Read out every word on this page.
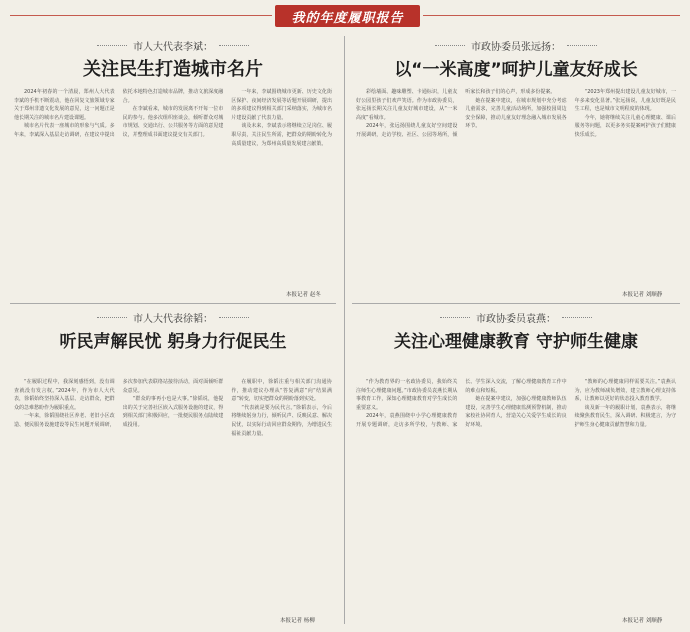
我的年度履职报告
市人大代表李斌：
关注民生打造城市名片

2024年初春的一个清晨，郑州人大代表李斌的手机不断震动，他在回复文旅领域专家关于郑州非遗文化发展的意见，这一问题正是他长期关注的城市名片建设课题。

城市名片代表一座城市的形象与气质。多年来，李斌深入基层走访调研，在建议中提出依托本地特色打造城市品牌，推动文旅深度融合。

在李斌看来，城市的发展离不开每一位市民的参与。他多次组织座谈会，倾听群众对城市规划、交通出行、公共服务等方面的意见建议，并整理成书面建议提交有关部门。

一年来，李斌围绕城市更新、历史文化街区保护、夜间经济发展等话题开展调研，提出的多项建议得到相关部门采纳落实，为城市名片建设贡献了代表力量。

谈及未来，李斌表示将继续立足岗位、履职尽责，关注民生所需，把群众的期盼转化为高质量建议，为郑州高质量发展建言献策。

本报记者 赵冬
市政协委员张远扬：
以“一米高度”呵护儿童友好成长

彩绘墙面、趣味雕塑、卡通标识，儿童友好公园里孩子们欢声笑语。作为市政协委员，张远扬长期关注儿童友好城市建设，从“一米高度”看城市。

2024年，张远扬围绕儿童友好空间建设开展调研，走访学校、社区、公园等场所，倾听家长和孩子们的心声，形成多份提案。

她在提案中建议，在城市规划中充分考虑儿童需求，完善儿童活动场所，加强校园周边安全保障，推动儿童友好理念融入城市发展各环节。

“2023年郑州提出建设儿童友好城市，一年多来变化显著。”张远扬说，儿童友好既是民生工程，也是城市文明程度的体现。

今年，她将继续关注儿童心理健康、课后服务等问题，以更多务实提案呵护孩子们健康快乐成长。

本报记者 刘顺静
市人大代表徐韬：
听民声解民忧 躬身力行促民生

“在履职过程中，我深刻感悟到，没有调查就没有发言权。”2024年，作为市人大代表，徐韬始终坚持深入基层、走访群众，把群众的急难愁盼作为履职重点。

一年来，徐韬围绕社区养老、老旧小区改造、便民服务设施建设等民生问题开展调研，多次参加代表联络站接待活动，面对面倾听群众意见。

“群众的事再小也是大事。”徐韬说，他提出的关于完善社区嵌入式服务设施的建议，得到相关部门积极回应，一批便民服务点陆续建成投用。

在履职中，徐韬注重与相关部门沟通协作，推动建议办理从“答复满意”向“结果满意”转变，切实把群众的期盼落到实处。

“代表就是要为民代言。”徐韬表示，今后将继续躬身力行，倾听民声、反映民意、解决民忧，以实际行动回应群众期待，为增进民生福祉贡献力量。

本报记者 杨柳
市政协委员袁燕：
关注心理健康教育 守护师生健康

“作为教育界的一名政协委员，我始终关注师生心理健康问题。”市政协委员袁燕长期从事教育工作，深知心理健康教育对学生成长的重要意义。

2024年，袁燕围绕中小学心理健康教育开展专题调研，走访多所学校，与教师、家长、学生深入交流，了解心理健康教育工作中的难点和短板。

她在提案中建议，加强心理健康教师队伍建设，完善学生心理健康监测预警机制，推动家校社协同育人，营造关心关爱学生成长的良好环境。

“教师的心理健康同样需要关注。”袁燕认为，应为教师减负增效，建立教师心理支持体系，让教师以更好的状态投入教育教学。

谈及新一年的履职计划，袁燕表示，将继续聚焦教育民生，深入调研、积极建言，为守护师生身心健康贡献智慧和力量。

本报记者 刘顺静
